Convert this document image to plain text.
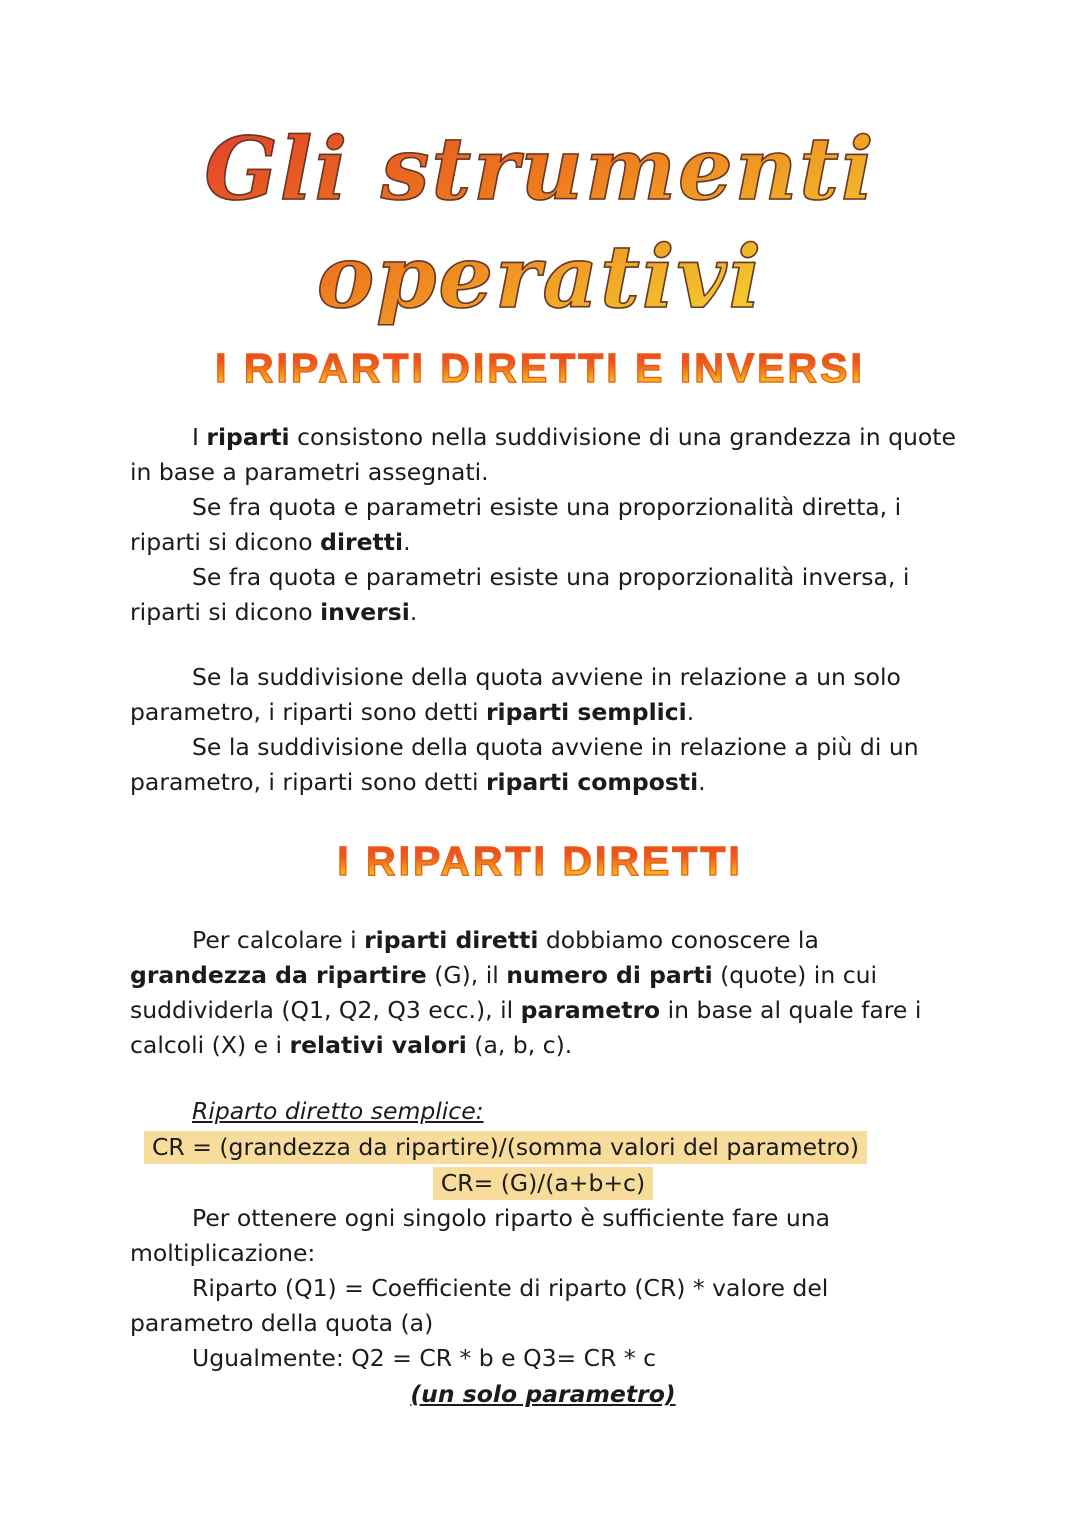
Gli strumenti operativi
I RIPARTI DIRETTI E INVERSI

I riparti consistono nella suddivisione di una grandezza in quote in base a parametri assegnati.

Se fra quota e parametri esiste una proporzionalità diretta, i riparti si dicono diretti.

Se fra quota e parametri esiste una proporzionalità inversa, i riparti si dicono inversi.

Se la suddivisione della quota avviene in relazione a un solo parametro, i riparti sono detti riparti semplici.

Se la suddivisione della quota avviene in relazione a più di un parametro, i riparti sono detti riparti composti.

I RIPARTI DIRETTI

Per calcolare i riparti diretti dobbiamo conoscere la grandezza da ripartire (G), il numero di parti (quote) in cui suddividerla (Q1, Q2, Q3 ecc.), il parametro in base al quale fare i calcoli (X) e i relativi valori (a, b, c).

Riparto diretto semplice:

CR = (grandezza da ripartire)/(somma valori del parametro)

CR= (G)/(a+b+c)

Per ottenere ogni singolo riparto è sufficiente fare una moltiplicazione:

Riparto (Q1) = Coefficiente di riparto (CR) * valore del parametro della quota (a)

Ugualmente: Q2 = CR * b e Q3= CR * c

(un solo parametro)
